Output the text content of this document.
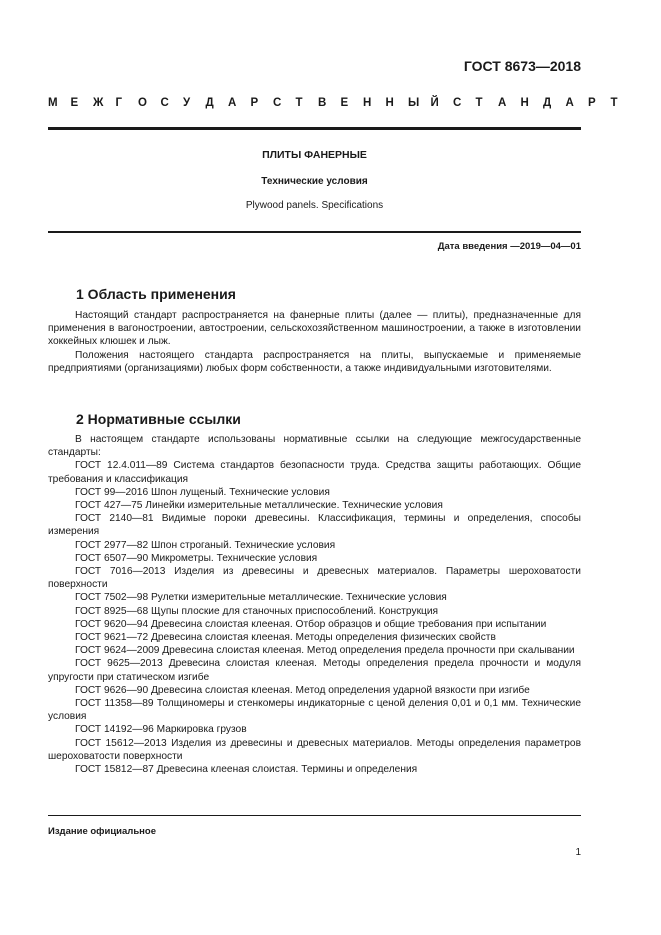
ГОСТ 8673—2018
М	Е	Ж	Г	О	С	У	Д	А	Р	С	Т	В	Е	Н	Н	Ы Й	С	Т	А	Н	Д	А	Р	Т
ПЛИТЫ ФАНЕРНЫЕ
Технические условия
Plywood panels. Specifications
Дата введения —2019—04—01
1 Область применения

Настоящий стандарт распространяется на фанерные плиты (далее — плиты), предназначенные для применения в вагоностроении, автостроении, сельскохозяйственном машиностроении, а также в изготовлении хоккейных клюшек и лыж.

Положения настоящего стандарта распространяется на плиты, выпускаемые и применяемые предприятиями (организациями) любых форм собственности, а также индивидуальными изготовителями.

2 Нормативные ссылки

В настоящем стандарте использованы нормативные ссылки на следующие межгосударственные стандарты:

ГОСТ 12.4.011—89 Система стандартов безопасности труда. Средства защиты работающих. Общие требования и классификация

ГОСТ 99—2016 Шпон лущеный. Технические условия

ГОСТ 427—75 Линейки измерительные металлические. Технические условия

ГОСТ 2140—81 Видимые пороки древесины. Классификация, термины и определения, способы измерения

ГОСТ 2977—82 Шпон строганый. Технические условия

ГОСТ 6507—90 Микрометры. Технические условия

ГОСТ 7016—2013 Изделия из древесины и древесных материалов. Параметры шероховатости поверхности

ГОСТ 7502—98 Рулетки измерительные металлические. Технические условия

ГОСТ 8925—68 Щупы плоские для станочных приспособлений. Конструкция

ГОСТ 9620—94 Древесина слоистая клееная. Отбор образцов и общие требования при испытании

ГОСТ 9621—72 Древесина слоистая клееная. Методы определения физических свойств

ГОСТ 9624—2009 Древесина слоистая клееная. Метод определения предела прочности при скалывании

ГОСТ 9625—2013 Древесина слоистая клееная. Методы определения предела прочности и модуля упругости при статическом изгибе

ГОСТ 9626—90 Древесина слоистая клееная. Метод определения ударной вязкости при изгибе

ГОСТ 11358—89 Толщиномеры и стенкомеры индикаторные с ценой деления 0,01 и 0,1 мм. Технические условия

ГОСТ 14192—96 Маркировка грузов

ГОСТ 15612—2013 Изделия из древесины и древесных материалов. Методы определения параметров шероховатости поверхности

ГОСТ 15812—87 Древесина клееная слоистая. Термины и определения

Издание официальное
1
